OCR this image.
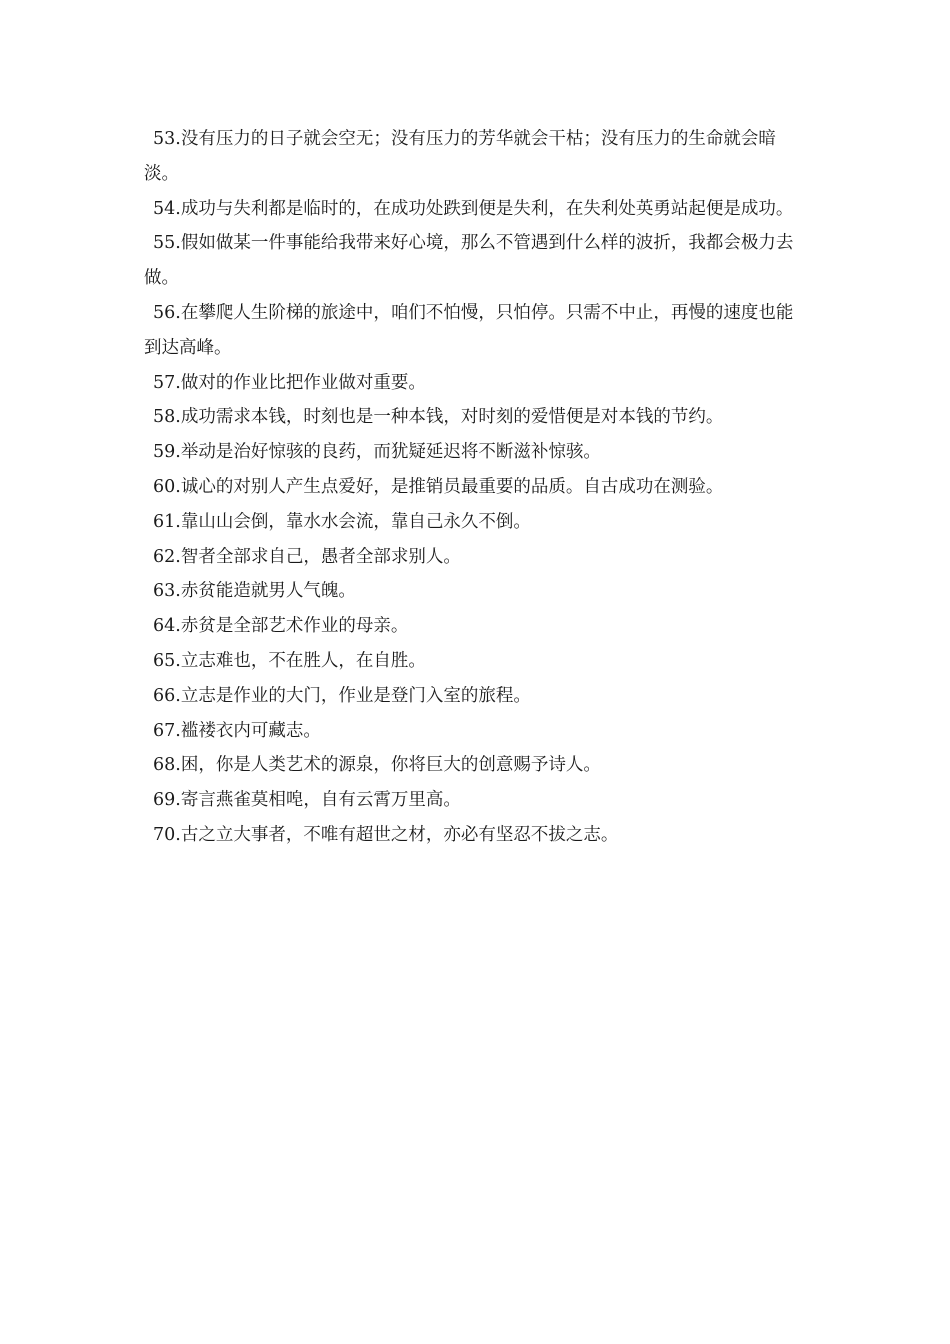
53.没有压力的日子就会空无；没有压力的芳华就会干枯；没有压力的生命就会暗淡。

54.成功与失利都是临时的，在成功处跌到便是失利，在失利处英勇站起便是成功。

55.假如做某一件事能给我带来好心境，那么不管遇到什么样的波折，我都会极力去做。

56.在攀爬人生阶梯的旅途中，咱们不怕慢，只怕停。只需不中止，再慢的速度也能到达高峰。

57.做对的作业比把作业做对重要。

58.成功需求本钱，时刻也是一种本钱，对时刻的爱惜便是对本钱的节约。

59.举动是治好惊骇的良药，而犹疑延迟将不断滋补惊骇。

60.诚心的对别人产生点爱好，是推销员最重要的品质。自古成功在测验。

61.靠山山会倒，靠水水会流，靠自己永久不倒。

62.智者全部求自己，愚者全部求别人。

63.赤贫能造就男人气魄。

64.赤贫是全部艺术作业的母亲。

65.立志难也，不在胜人，在自胜。

66.立志是作业的大门，作业是登门入室的旅程。

67.褴褛衣内可藏志。

68.困，你是人类艺术的源泉，你将巨大的创意赐予诗人。

69.寄言燕雀莫相唣，自有云霄万里高。

70.古之立大事者，不唯有超世之材，亦必有坚忍不拔之志。
